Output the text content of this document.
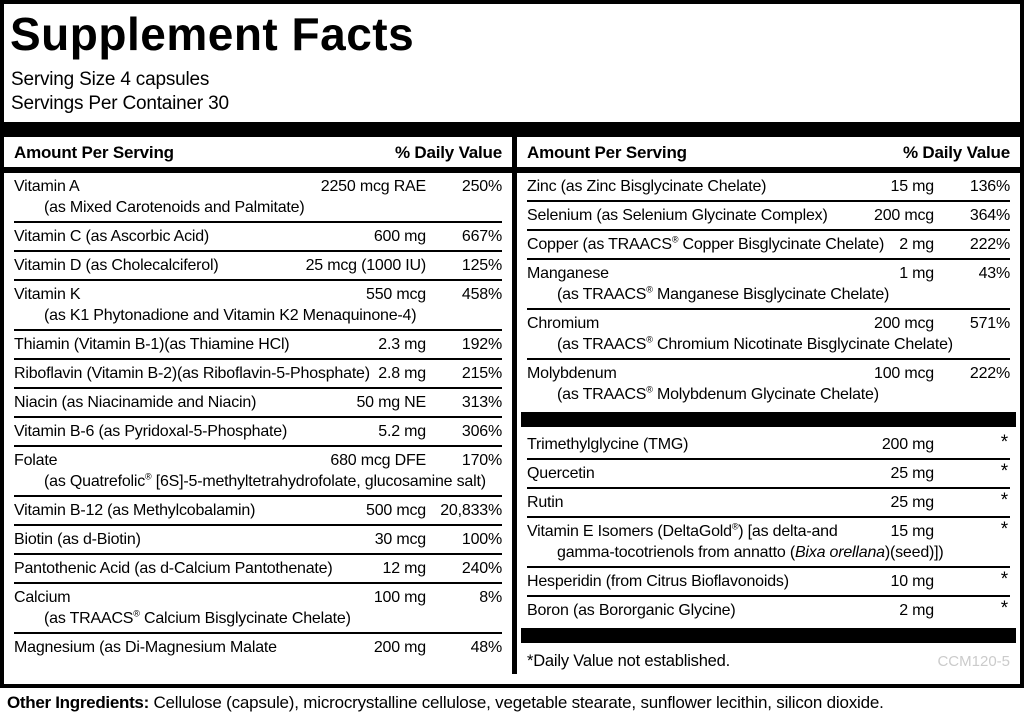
Supplement Facts
Serving Size 4 capsules
Servings Per Container 30
Amount Per Serving	% Daily Value
Vitamin A	2250 mcg RAE 250%
(as Mixed Carotenoids and Palmitate)
Vitamin C (as Ascorbic Acid)	600 mg 667%
Vitamin D (as Cholecalciferol)	25 mcg (1000 IU) 125%
Vitamin K	550 mcg 458%
(as K1 Phytonadione and Vitamin K2 Menaquinone-4)
Thiamin (Vitamin B-1)(as Thiamine HCl)	2.3 mg 192%
Riboflavin (Vitamin B-2)(as Riboflavin-5-Phosphate) 2.8 mg 215%
Niacin (as Niacinamide and Niacin)	50 mg NE 313%
Vitamin B-6 (as Pyridoxal-5-Phosphate)	5.2 mg 306%
Folate	680 mcg DFE 170%
(as Quatrefolic® [6S]-5-methyltetrahydrofolate, glucosamine salt)
Vitamin B-12 (as Methylcobalamin)	500 mcg 20,833%
Biotin (as d-Biotin)	30 mcg 100%
Pantothenic Acid (as d-Calcium Pantothenate)	12 mg 240%
Calcium	100 mg	8%
(as TRAACS® Calcium Bisglycinate Chelate)
Magnesium (as Di-Magnesium Malate	200 mg	48%
Amount Per Serving	% Daily Value
Zinc (as Zinc Bisglycinate Chelate)	15 mg 136%
Selenium (as Selenium Glycinate Complex)	200 mcg 364%
Copper (as TRAACS® Copper Bisglycinate Chelate) 2 mg 222%
Manganese	1 mg	43%
(as TRAACS® Manganese Bisglycinate Chelate)
Chromium	200 mcg 571%
(as TRAACS® Chromium Nicotinate Bisglycinate Chelate)
Molybdenum	100 mcg 222%
(as TRAACS® Molybdenum Glycinate Chelate)
Trimethylglycine (TMG)	200 mg	*
Quercetin	25 mg	*
Rutin	25 mg	*
Vitamin E Isomers (DeltaGold®) [as delta-and	15 mg	*
gamma-tocotrienols from annatto (Bixa orellana)(seed)])
Hesperidin (from Citrus Bioflavonoids)	10 mg	*
Boron (as Bororganic Glycine)	2 mg	*
*Daily Value not established.	CCM120-5
Other Ingredients: Cellulose (capsule), microcrystalline cellulose, vegetable stearate, sunflower lecithin, silicon dioxide.
